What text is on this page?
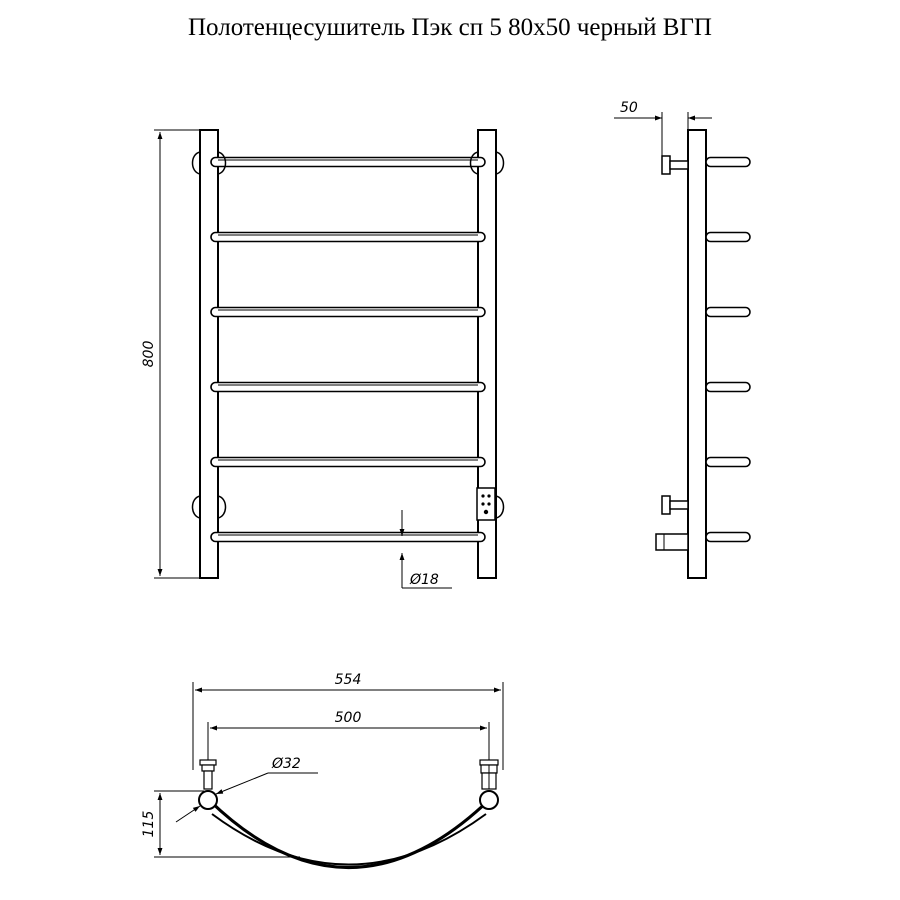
Полотенцесушитель Пэк сп 5 80х50 черный ВГП
800
Ø18
50
554
500
Ø32
115
